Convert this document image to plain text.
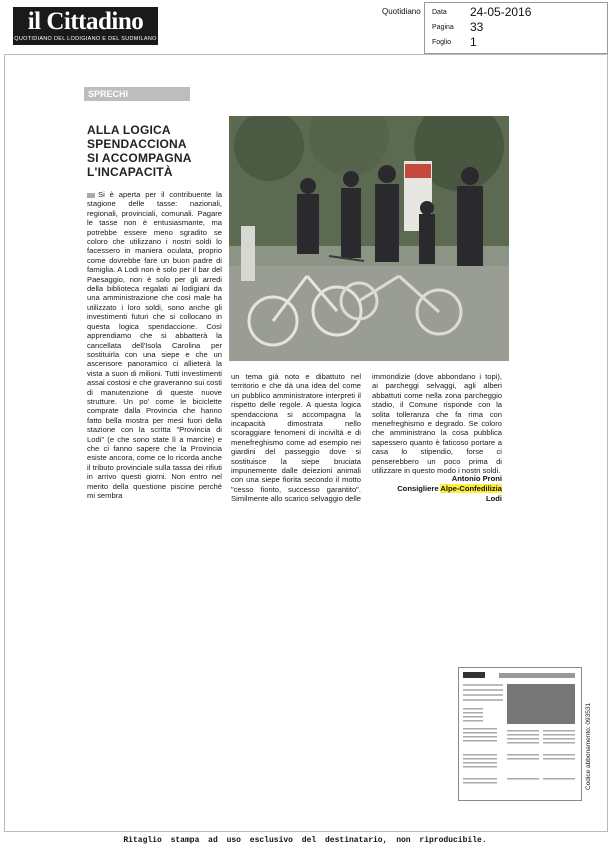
il Cittadino
QUOTIDIANO DEL LODIGIANO E DEL SUDMILANO
Quotidiano Data 24-05-2016
Pagina 33
Foglio 1
SPRECHI
ALLA LOGICA
SPENDACCIONA
SI ACCOMPAGNA
L'INCAPACITÀ
Si è aperta per il contribuente la stagione delle tasse: nazionali, regionali, provinciali, comunali. Pagare le tasse non è entusiasmante, ma potrebbe essere meno sgradito se coloro che utilizzano i nostri soldi lo facessero in maniera oculata, proprio come dovrebbe fare un buon padre di famiglia. A Lodi non è solo per il bar del Paesaggio, non è solo per gli arredi della biblioteca regalati ai lodigiani da una amministrazione che così male ha utilizzato i loro soldi, sono anche gli investimenti futuri che si collocano in questa logica spendaccione. Così apprendiamo che si abbatterà la cancellata dell'Isola Carolina per sostituirla con una siepe e che un ascensore panoramico ci allieterà la vista a suon di milioni. Tutti investimenti assai costosi e che graveranno sui costi di manutenzione di queste nuove strutture. Un po' come le biciclette comprate dalla Provincia che hanno fatto bella mostra per mesi fuori della stazione con la scritta "Provincia di Lodi" (e che sono state lì a marcire) e che ci fanno sapere che la Provincia esiste ancora, come ce lo ricorda anche il tributo provinciale sulla tassa dei rifiuti in arrivo questi giorni. Non entro nel merito della questione piscine perché mi sembra
un tema già noto e dibattuto nel territorio e che dà una idea del come un pubblico amministratore interpreti il rispetto delle regole. A questa logica spendacciona si accompagna la incapacità dimostrata nello scoraggiare fenomeni di inciviltà e di menefreghismo come ad esempio nei giardini del passeggio dove si sostituisce la siepe bruciata impunemente dalle deiezioni animali con una siepe fiorita secondo il motto "cesso fiorito, successo garantito". Similmente allo scarico selvaggio delle
immondizie (dove abbondano i topi), ai parcheggi selvaggi, agli alberi abbattuti come nella zona parcheggio stadio, il Comune risponde con la solita tolleranza che fa rima con menefreghismo e degrado. Se coloro che amministrano la cosa pubblica sapessero quanto è faticoso portare a casa lo stipendio, forse ci penserebbero un poco prima di utilizzare in questo modo i nostri soldi.
Antonio Proni
Consigliere Alpe-Confedilizia
Lodi
Codice abbonamento: 093531
Ritaglio stampa ad uso esclusivo del destinatario, non riproducibile.
